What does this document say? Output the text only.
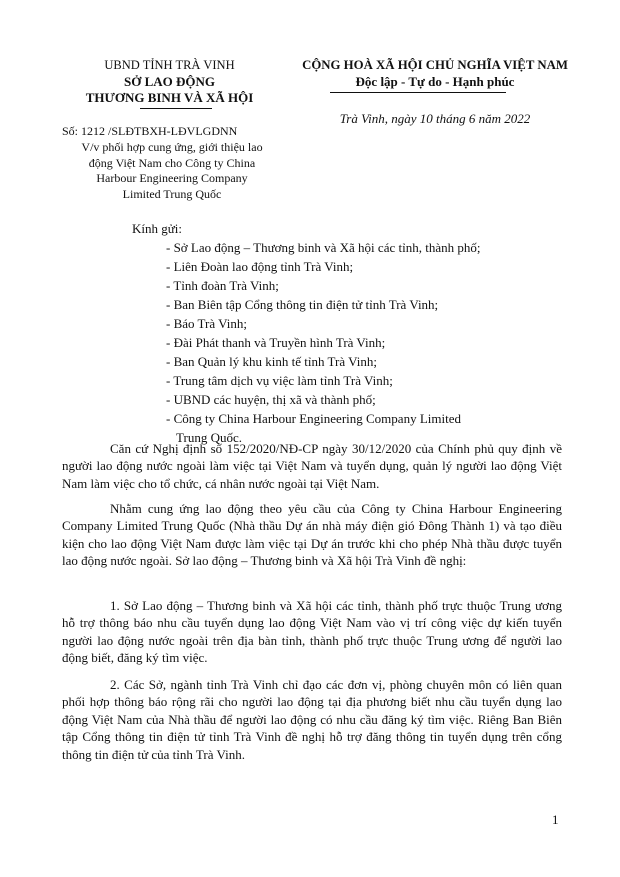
UBND TỈNH TRÀ VINH
SỞ LAO ĐỘNG
THƯƠNG BINH VÀ XÃ HỘI
CỘNG HOÀ XÃ HỘI CHỦ NGHĨA VIỆT NAM
Độc lập - Tự do - Hạnh phúc
Trà Vinh, ngày 10 tháng 6 năm 2022
Số: 1212 /SLĐTBXH-LĐVLGDNN
V/v phối hợp cung ứng, giới thiệu lao
động Việt Nam cho Công ty China
Harbour Engineering Company
Limited Trung Quốc
Kính gửi:
- Sở Lao động – Thương binh và Xã hội các tỉnh, thành phố;
- Liên Đoàn lao động tỉnh Trà Vinh;
- Tỉnh đoàn Trà Vinh;
- Ban Biên tập Cổng thông tin điện tử tỉnh Trà Vinh;
- Báo Trà Vinh;
- Đài Phát thanh và Truyền hình Trà Vinh;
- Ban Quản lý khu kinh tế tỉnh Trà Vinh;
- Trung tâm dịch vụ việc làm tỉnh Trà Vinh;
- UBND các huyện, thị xã và thành phố;
- Công ty China Harbour Engineering Company Limited
Trung Quốc.
Căn cứ Nghị định số 152/2020/NĐ-CP ngày 30/12/2020 của Chính phủ quy định về người lao động nước ngoài làm việc tại Việt Nam và tuyển dụng, quản lý người lao động Việt Nam làm việc cho tổ chức, cá nhân nước ngoài tại Việt Nam.
Nhằm cung ứng lao động theo yêu cầu của Công ty China Harbour Engineering Company Limited Trung Quốc (Nhà thầu Dự án nhà máy điện gió Đông Thành 1) và tạo điều kiện cho lao động Việt Nam được làm việc tại Dự án trước khi cho phép Nhà thầu được tuyển lao động nước ngoài. Sở lao động – Thương binh và Xã hội Trà Vinh đề nghị:
1. Sở Lao động – Thương binh và Xã hội các tỉnh, thành phố trực thuộc Trung ương hỗ trợ thông báo nhu cầu tuyển dụng lao động Việt Nam vào vị trí công việc dự kiến tuyển người lao động nước ngoài trên địa bàn tỉnh, thành phố trực thuộc Trung ương để người lao động biết, đăng ký tìm việc.
2. Các Sở, ngành tỉnh Trà Vinh chỉ đạo các đơn vị, phòng chuyên môn có liên quan phối hợp thông báo rộng rãi cho người lao động tại địa phương biết nhu cầu tuyển dụng lao động Việt Nam của Nhà thầu để người lao động có nhu cầu đăng ký tìm việc. Riêng Ban Biên tập Cổng thông tin điện tử tỉnh Trà Vinh đề nghị hỗ trợ đăng thông tin tuyển dụng trên cổng thông tin điện tử của tỉnh Trà Vinh.
1
